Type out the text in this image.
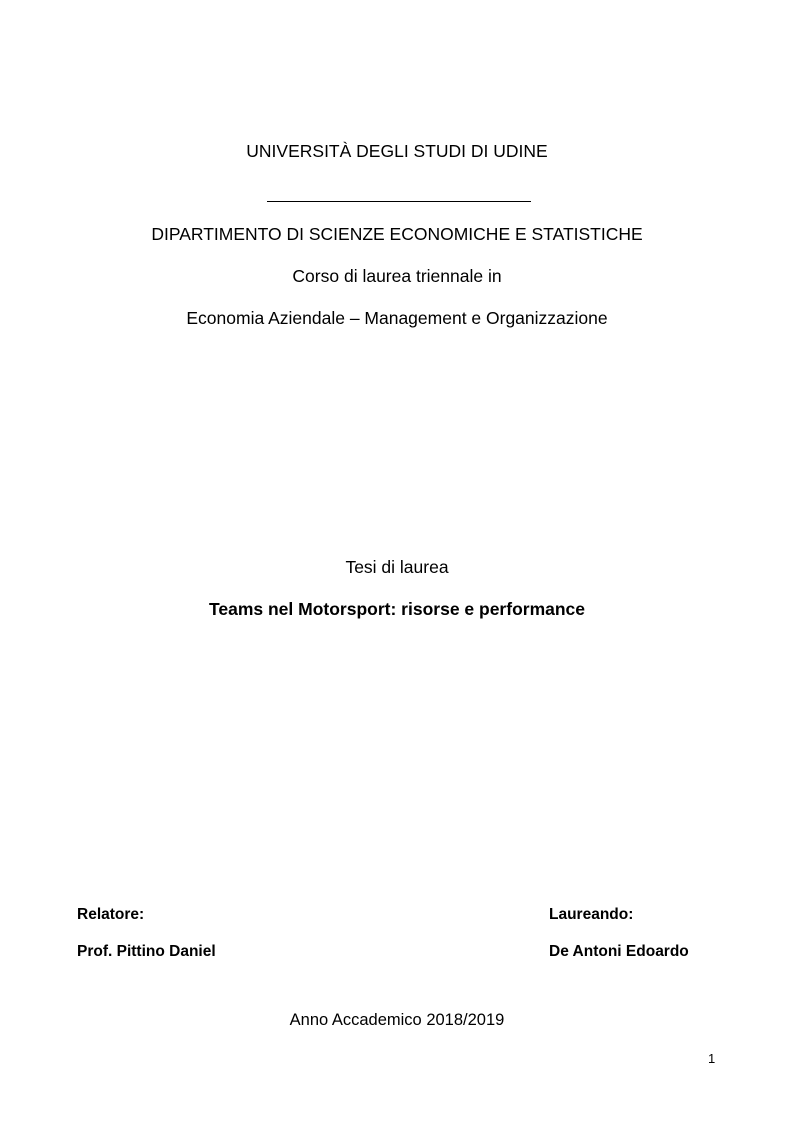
UNIVERSITÀ DEGLI STUDI DI UDINE
DIPARTIMENTO DI SCIENZE ECONOMICHE E STATISTICHE
Corso di laurea triennale in
Economia Aziendale – Management e Organizzazione
Tesi di laurea
Teams nel Motorsport: risorse e performance
Relatore:
Prof. Pittino Daniel
Laureando:
De Antoni Edoardo
Anno Accademico 2018/2019
1
